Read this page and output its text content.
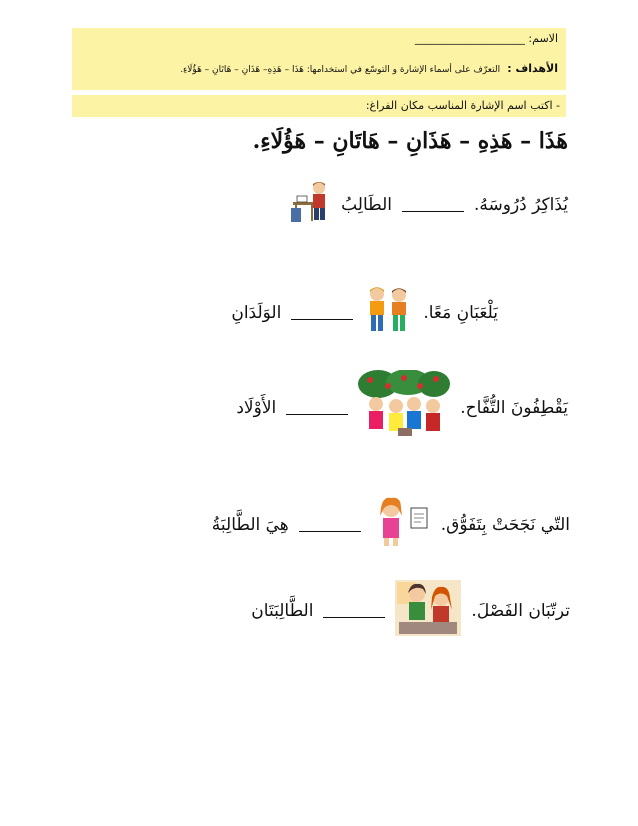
الاسم: ____________________
الأهداف : التعرّف على أسماء الإشارة و التوسّع في استخدامها: هَذَا – هَذِهِ– هَذَانِ – هَاتَانِ – هَؤُلَاءِ.
- اكتب اسم الإشارة المناسب مكان الفراغ:
هَذَا – هَذِهِ – هَذَانِ – هَاتَانِ – هَؤُلَاءِ.
يُذَاكِرُ دُرُوسَهُ.
الطَالِبُ
يَلْعَبَانِ مَعًا.
الوَلَدَانِ
يَقْطِفُونَ التُّفَّاح.
الأَوْلَاد
التّي نَجَحَتْ بِتَفَوُّق.
هِيَ الطَّالِبَةُ
ترتّبَان الفَصْلَ.
الطَّالِبَتَان
